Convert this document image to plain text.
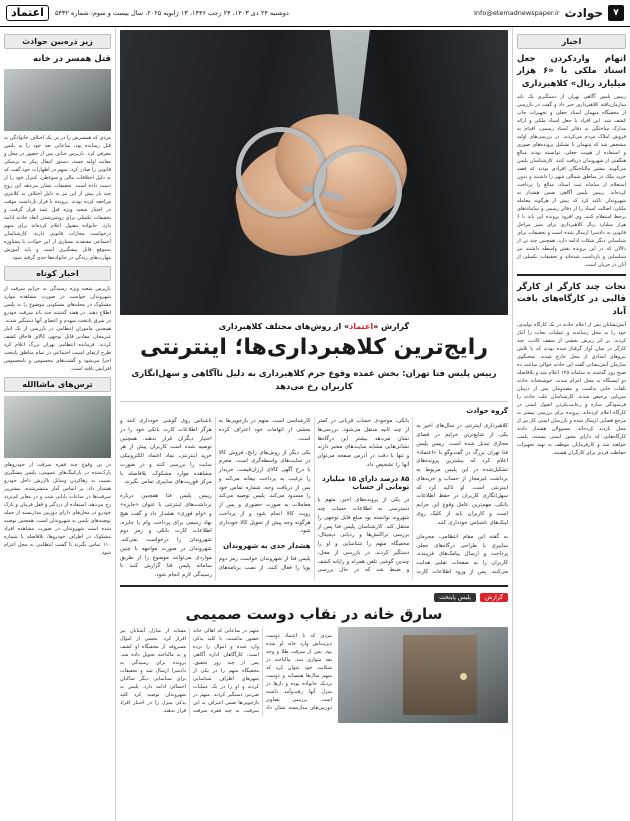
۷
حوادث
Info@etemadnewspaper.ir
دوشنبه ۲۴ دی ۱۴۰۳، ۲۴ رجب ۱۴۴۶، ۱۳ ژانویه ۲۰۲۵، سال بیست و سوم، شماره ۵۴۳۲
اعتماد
اخبار
اتهام واردکردن جعل اسناد ملکی با «۶ هزار میلیارد ریال» کلاهبرداری
رییس پلیس آگاهی تهران از دستگیری یک باند سازمان‌یافته کلاهبرداری خبر داد و گفت در بازرسی از مخفیگاه متهمان اسناد جعلی و تجهیزات چاپ کشف شد. این افراد با جعل اسناد ملکی و ارائه مدارک ساختگی به دفاتر اسناد رسمی، اقدام به فروش املاک مردم می‌کردند. در بررسی‌های اولیه مشخص شد که متهمان با تشکیل پرونده‌های صوری و استفاده از هویت جعلی، توانسته بودند مبالغ هنگفتی از شهروندان دریافت کنند. کارشناسان پلیس می‌گویند بیشتر مالباختگان افرادی بودند که قصد خرید ملک در مناطق شمالی شهر را داشتند و بدون استعلام از سامانه ثبت اسناد، مبالغ را پرداخت کرده‌اند. رییس پلیس آگاهی ضمن هشدار به شهروندان تاکید کرد که پیش از هرگونه معامله ملکی، اصالت اسناد را از دفاتر رسمی و سامانه‌های برخط استعلام کنند. وی افزود پرونده این باند با ۶ هزار میلیارد ریال کلاهبرداری برای سیر مراحل قانونی به دادسرا ارسال شده است و تحقیقات برای شناسایی دیگر شکات ادامه دارد. همچنین چند تن از دلالان که در این پرونده نقش واسطه داشتند نیز شناسایی و بازداشت شده‌اند و تحقیقات تکمیلی از آنان در جریان است.
نجات چند کارگر از کارگر قالبی در کارگاه‌های بافت آباد
آتش‌نشانان پس از اعلام حادثه در یک کارگاه تولیدی، خود را به محل رساندند و عملیات نجات را آغاز کردند. بر اثر ریزش بخشی از سقف کاذب، چند کارگر در میان آوار گرفتار شده بودند که با تلاش نیروهای امدادی از محل خارج شدند. سخنگوی سازمان آتش‌نشانی گفت این حادثه حوالی ساعت ده صبح روز گذشته به سامانه ۱۲۵ اعلام شد و بلافاصله دو ایستگاه به محل اعزام شدند. خوشبختانه حادثه تلفات جانی نداشت و مصدومان پس از درمان سرپایی ترخیص شدند. کارشناسان علت حادثه را فرسودگی سازه و رعایت‌نکردن اصول ایمنی در کارگاه اعلام کرده‌اند. پرونده برای بررسی بیشتر به مرجع قضایی ارسال شده و بازرسان ایمنی کار نیز از محل بازدید کرده‌اند. مسوولان هشدار دادند کارگاه‌هایی که دارای مجوز ایمنی نیستند، پلمب خواهند شد و کارفرمایان موظف به تهیه تجهیزات حفاظت فردی برای کارگران هستند.
گزارش «اعتماد» از روش‌های مختلف کلاهبرداری
رایج‌ترین کلاهبرداری‌ها؛ اینترنتی
رییس پلیس فتا تهران: بخش عمده وقوع جرم کلاهبرداری به دلیل ناآگاهی و سهل‌انگاری کاربران رخ می‌دهد
گروه حوادث

کلاهبرداری اینترنتی در سال‌های اخیر به یکی از شایع‌ترین جرایم در فضای مجازی تبدیل شده است. رییس پلیس فتا تهران بزرگ در گفت‌وگو با «اعتماد» اعلام کرد که بیشترین پرونده‌های تشکیل‌شده در این پلیس مربوط به برداشت غیرمجاز از حساب و خریدهای اینترنتی است. او تاکید کرد که سهل‌انگاری کاربران در حفظ اطلاعات بانکی، مهم‌ترین عامل وقوع این جرایم است و کاربران باید از کلیک روی لینک‌های ناشناس خودداری کنند.

به گفته این مقام انتظامی، مجرمان سایبری با طراحی درگاه‌های جعلی پرداخت و ارسال پیامک‌های فریبنده، کاربران را به صفحات تقلبی هدایت می‌کنند. پس از ورود اطلاعات کارت بانکی، موجودی حساب قربانی در کمتر از چند ثانیه منتقل می‌شود. بررسی‌ها نشان می‌دهد بیشتر این درگاه‌ها نشانی‌هایی مشابه سایت‌های معتبر دارند و تنها با دقت در آدرس صفحه می‌توان آنها را تشخیص داد.

۸۵ درصد دارای ۱۵ میلیارد تومانی از حساب

در یکی از پرونده‌های اخیر، متهم با دسترسی به اطلاعات حساب چند شهروند توانسته بود مبلغ قابل توجهی را منتقل کند. کارشناسان پلیس فتا پس از بررسی تراکنش‌ها و ردیابی دیجیتال، مخفیگاه متهم را شناسایی و او را دستگیر کردند. در بازرسی از محل، چندین گوشی تلفن همراه و رایانه کشف و ضبط شد که در حال بررسی کارشناسی است. متهم در بازجویی‌ها به بخشی از اتهامات خود اعتراف کرده است.

یکی دیگر از روش‌های رایج، فروش کالا در سایت‌های واسطه‌گری است. مجرم با درج آگهی کالای ارزان‌قیمت، خریدار را ترغیب به پرداخت بیعانه می‌کند و پس از دریافت وجه، شماره تماس خود را مسدود می‌کند. پلیس توصیه می‌کند معاملات به صورت حضوری و پس از رویت کالا انجام شود و از پرداخت هرگونه وجه پیش از تحویل کالا خودداری شود.

هشدار جدی به شهروندان

پلیس فتا از شهروندان خواست رمز دوم پویا را فعال کنند، از نصب برنامه‌های ناشناس روی گوشی خودداری کنند و هرگز اطلاعات کارت بانکی خود را در اختیار دیگران قرار ندهند. همچنین توصیه شده است کاربران پیش از هر خرید اینترنتی، نماد اعتماد الکترونیکی سایت را بررسی کنند و در صورت مشاهده موارد مشکوک، بلافاصله با مرکز فوریت‌های سایبری تماس بگیرند.

رییس پلیس فتا همچنین درباره برداشت‌های اینترنتی با عنوان «جایزه» و «وام فوری» هشدار داد و گفت هیچ نهاد رسمی برای پرداخت وام یا جایزه، اطلاعات کارت بانکی و رمز دوم شهروندان را درخواست نمی‌کند. شهروندان در صورت مواجهه با چنین مواردی می‌توانند موضوع را از طریق سامانه پلیس فتا گزارش کنند تا رسیدگی لازم انجام شود.

گزارش
پلیس پایتخت
سارق خانه در نقاب دوست صمیمی

مردی که با اعتماد دوست دیرینه‌اش وارد خانه او شده بود، پس از سرقت طلا و وجه نقد متواری شد. مالباخته در شکایت خود عنوان کرد که متهم سال‌ها همسایه و دوست نزدیک خانواده بوده و بارها در منزل آنها رفت‌وآمد داشته است. بررسی تصاویر دوربین‌های مداربسته نشان داد متهم در ساعاتی که اهالی خانه حضور نداشتند، با کلید یدکی وارد شده و اموال را برده است. کارآگاهان اداره آگاهی پس از چند روز تحقیق، مخفیگاه متهم را در یکی از شهرهای اطراف شناسایی کردند و او را در یک عملیات ضربتی دستگیر کردند. متهم در بازجویی‌ها ضمن اعتراف به این سرقت، به چند فقره سرقت مشابه از منازل آشنایان نیز اقرار کرد. بخشی از اموال مسروقه از مخفیگاه او کشف و به مالباخته تحویل داده شد. پرونده برای رسیدگی به دادسرا ارسال شد و تحقیقات برای شناسایی دیگر شاکیان احتمالی ادامه دارد. پلیس به شهروندان توصیه کرد کلید یدکی منزل را در اختیار افراد قرار ندهند.

زیر ذره‌بین حوادث
قتل همسر در خانه
مردی که همسرش را در پی یک اختلاف خانوادگی به قتل رسانده بود، ساعاتی بعد خود را به پلیس معرفی کرد. بازپرس جنایی پس از حضور در محل و معاینه اولیه جسد، دستور انتقال پیکر به پزشکی قانونی را صادر کرد. متهم در اظهارات خود گفت که به دلیل اختلافات مالی و سوءظن، کنترل خود را از دست داده است. تحقیقات نشان می‌دهد این زوج چند بار پیش از این نیز به دلیل اختلاف به کلانتری مراجعه کرده بودند. پرونده با قرار بازداشت موقت در اختیار شعبه ویژه قتل عمد قرار گرفت و تحقیقات تکمیلی برای روشن‌شدن ابعاد حادثه ادامه دارد. خانواده مقتول اعلام کرده‌اند برای متهم درخواست مجازات قانونی دارند. کارشناسان اجتماعی معتقدند بسیاری از این حوادث با مشاوره به‌موقع قابل پیشگیری است و باید آموزش مهارت‌های زندگی در خانواده‌ها جدی گرفته شود.
اخبار کوتاه
بازپرس شعبه ویژه رسیدگی به جرایم سرقت از شهروندان خواست در صورت مشاهده موارد مشکوک در محله‌های مسکونی موضوع را به پلیس اطلاع دهند. در هفته گذشته چند باند سرقت خودرو در شرق پایتخت منهدم و اعضای آنها دستگیر شدند. همچنین ماموران انتظامی در بازرسی از یک انبار غیرمجاز، مقادیر قابل توجهی کالای قاچاق کشف کردند. فرمانده انتظامی تهران بزرگ اعلام کرد طرح ارتقای امنیت اجتماعی در تمام مناطق پایتخت اجرا می‌شود و گشت‌های محسوس و نامحسوس افزایش یافته است.
ترس‌های ماشاالله
در پی وقوع چند فقره سرقت از خودروهای پارک‌شده در پارکینگ‌های عمومی، پلیس پیشگیری نسبت به رهاکردن وسایل باارزش داخل خودرو هشدار داد. بر اساس آمار منتشرشده، بیشترین سرقت‌ها در ساعات پایانی شب و در معابر کم‌تردد رخ می‌دهد. استفاده از دزدگیر و قفل فرمان و پارک خودرو در محل‌های دارای دوربین مداربسته از جمله توصیه‌های پلیس به شهروندان است. همچنین توصیه شده است شهروندان در صورت مشاهده افراد مشکوک در اطراف خودروها، بلافاصله با شماره ۱۱۰ تماس بگیرند تا گشت انتظامی به محل اعزام شود.
